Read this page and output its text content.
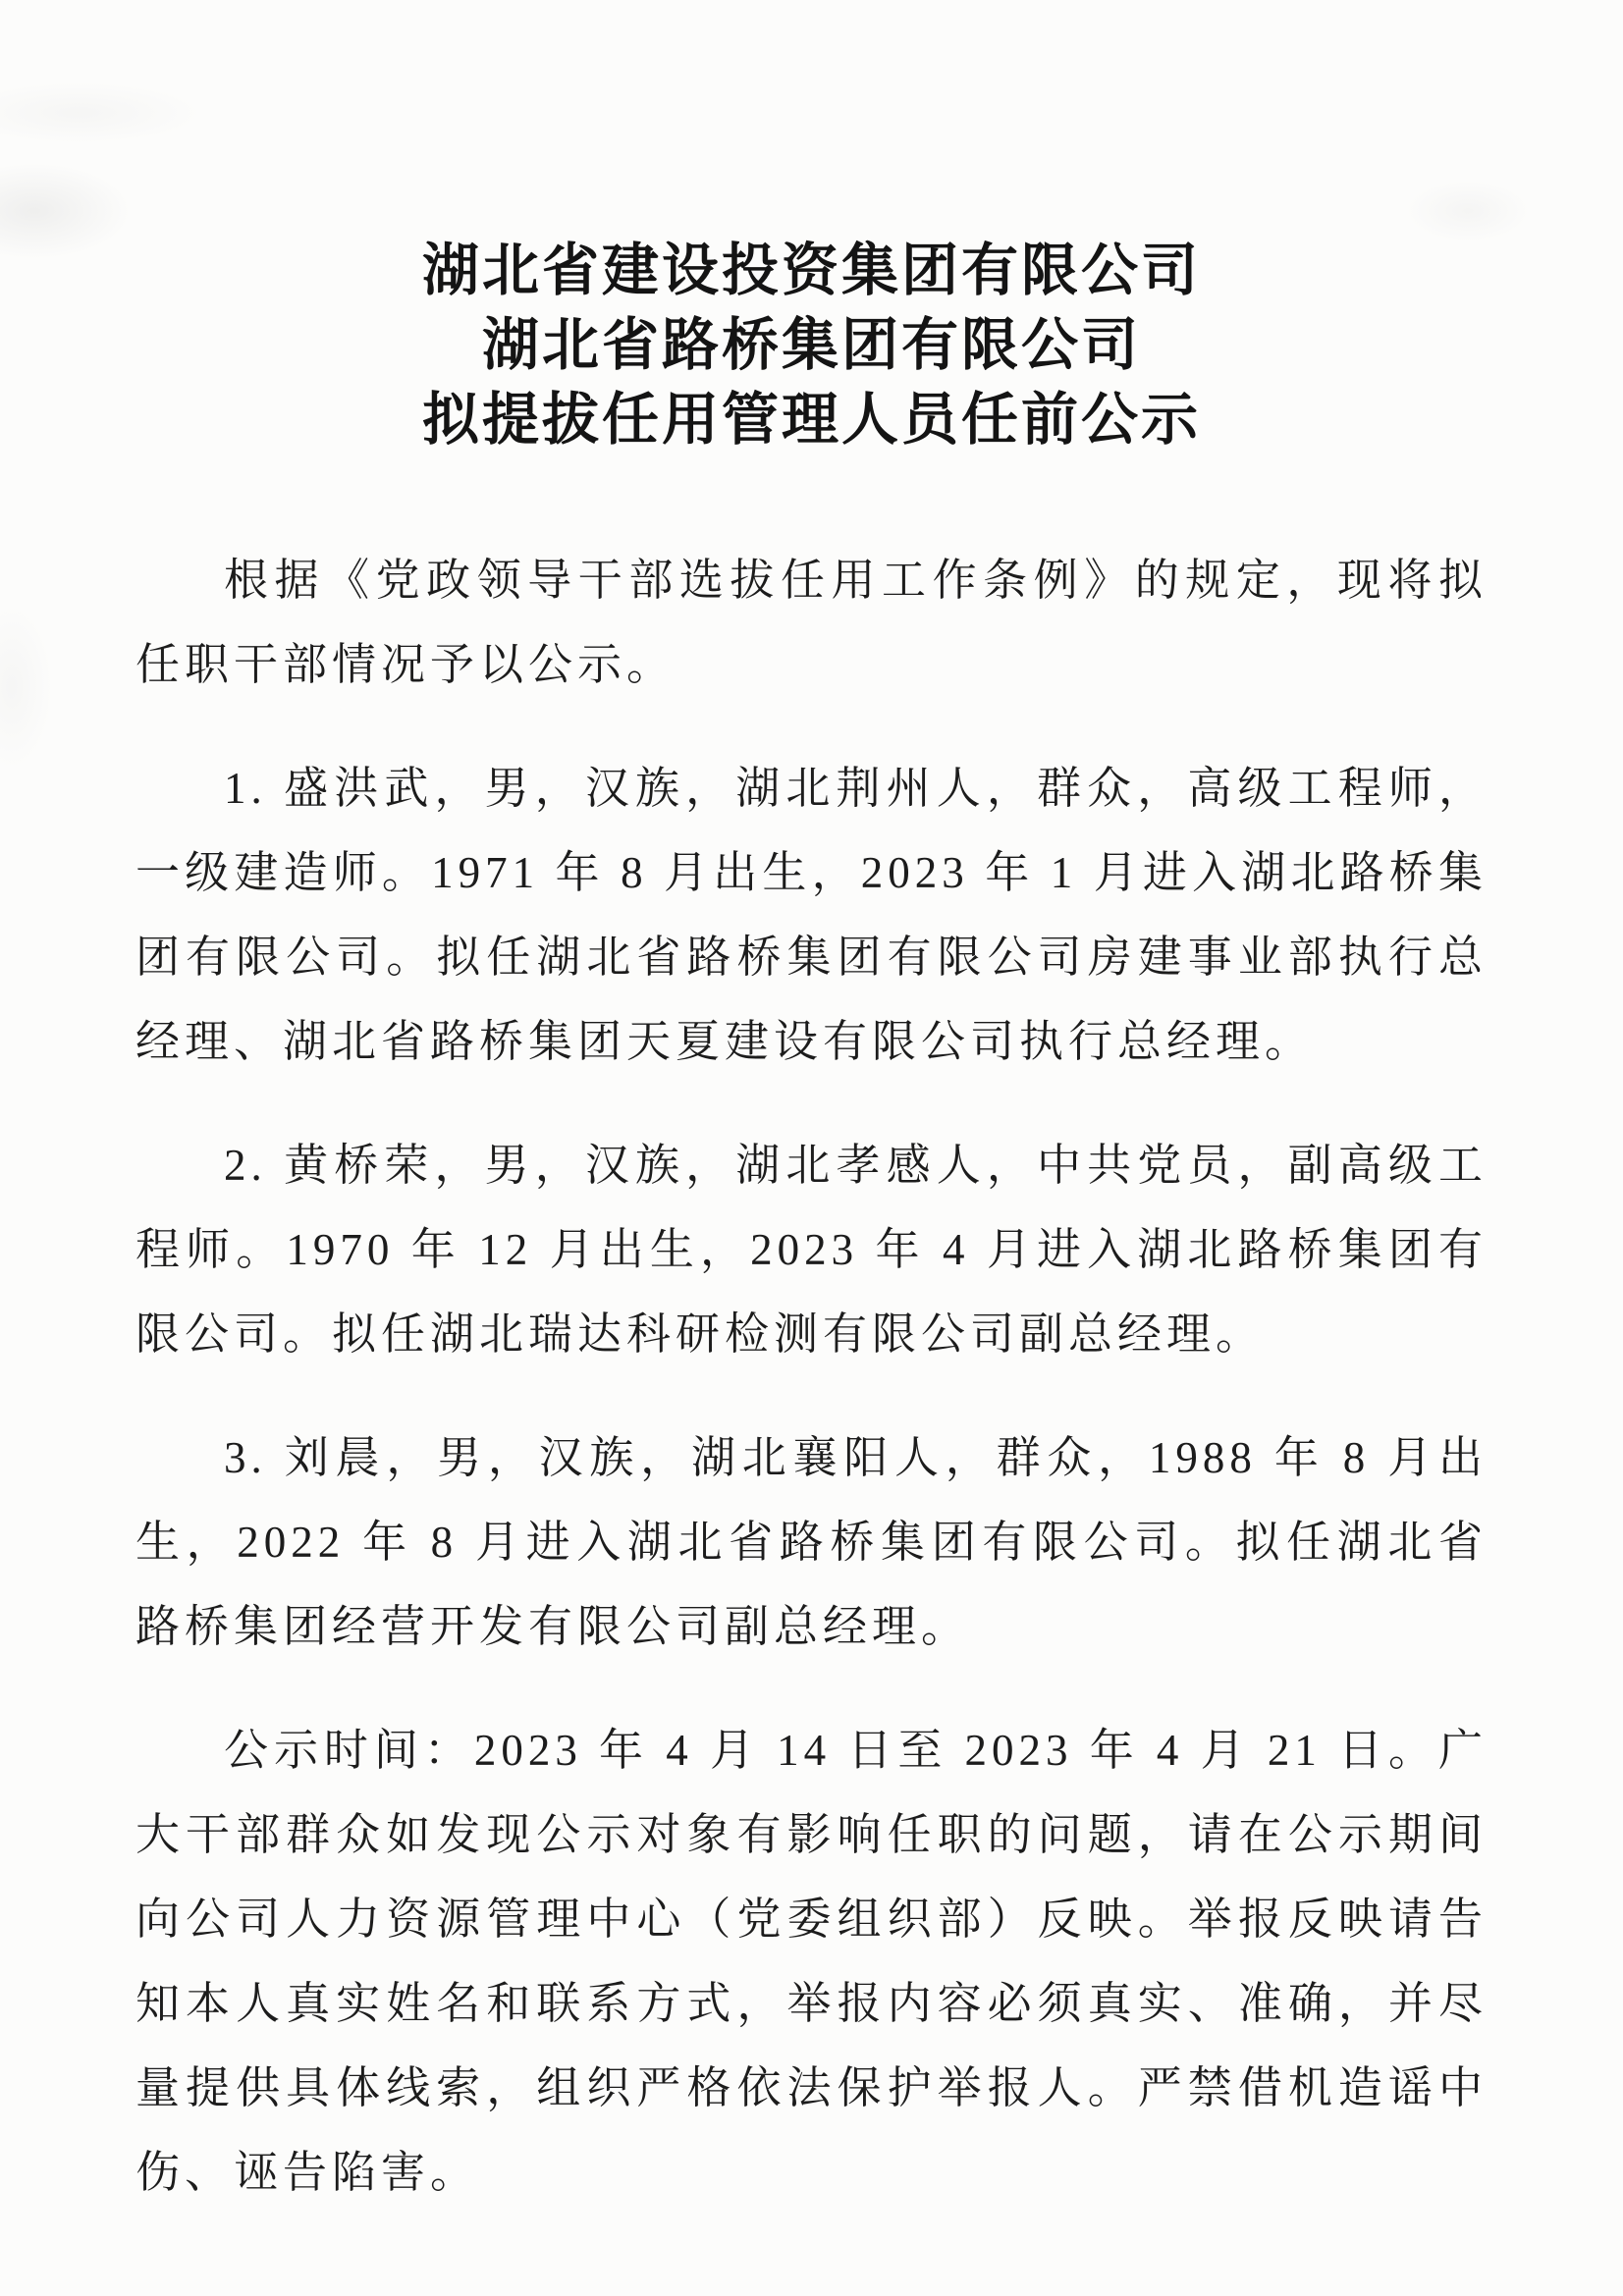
湖北省建设投资集团有限公司
湖北省路桥集团有限公司
拟提拔任用管理人员任前公示

根据《党政领导干部选拔任用工作条例》的规定，现将拟任职干部情况予以公示。

1. 盛洪武，男，汉族，湖北荆州人，群众，高级工程师，一级建造师。1971 年 8 月出生，2023 年 1 月进入湖北路桥集团有限公司。拟任湖北省路桥集团有限公司房建事业部执行总经理、湖北省路桥集团天夏建设有限公司执行总经理。

2. 黄桥荣，男，汉族，湖北孝感人，中共党员，副高级工程师。1970 年 12 月出生，2023 年 4 月进入湖北路桥集团有限公司。拟任湖北瑞达科研检测有限公司副总经理。

3. 刘晨，男，汉族，湖北襄阳人，群众，1988 年 8 月出生，2022 年 8 月进入湖北省路桥集团有限公司。拟任湖北省路桥集团经营开发有限公司副总经理。

公示时间：2023 年 4 月 14 日至 2023 年 4 月 21 日。广大干部群众如发现公示对象有影响任职的问题，请在公示期间向公司人力资源管理中心（党委组织部）反映。举报反映请告知本人真实姓名和联系方式，举报内容必须真实、准确，并尽量提供具体线索，组织严格依法保护举报人。严禁借机造谣中伤、诬告陷害。
